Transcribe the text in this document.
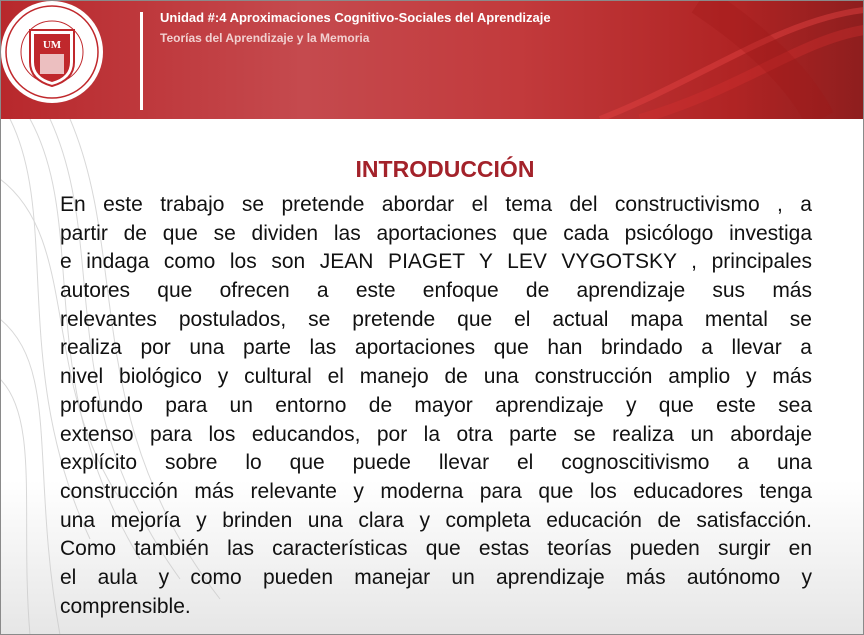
UM
Unidad #:4 Aproximaciones Cognitivo-Sociales del Aprendizaje
Teorías del Aprendizaje y la Memoria
INTRODUCCIÓN
En este trabajo se pretende abordar el tema del constructivismo , a
partir de que se dividen las aportaciones que cada psicólogo investiga
e indaga como los son JEAN PIAGET Y LEV VYGOTSKY , principales
autores que ofrecen a este enfoque de aprendizaje sus más
relevantes postulados, se pretende que el actual mapa mental se
realiza por una parte las aportaciones que han brindado a llevar a
nivel biológico y cultural el manejo de una construcción amplio y más
profundo para un entorno de mayor aprendizaje y que este sea
extenso para los educandos, por la otra parte se realiza un abordaje
explícito sobre lo que puede llevar el cognoscitivismo a una
construcción más relevante y moderna para que los educadores tenga
una mejoría y brinden una clara y completa educación de satisfacción.
Como también las características que estas teorías pueden surgir en
el aula y como pueden manejar un aprendizaje más autónomo y
comprensible.
